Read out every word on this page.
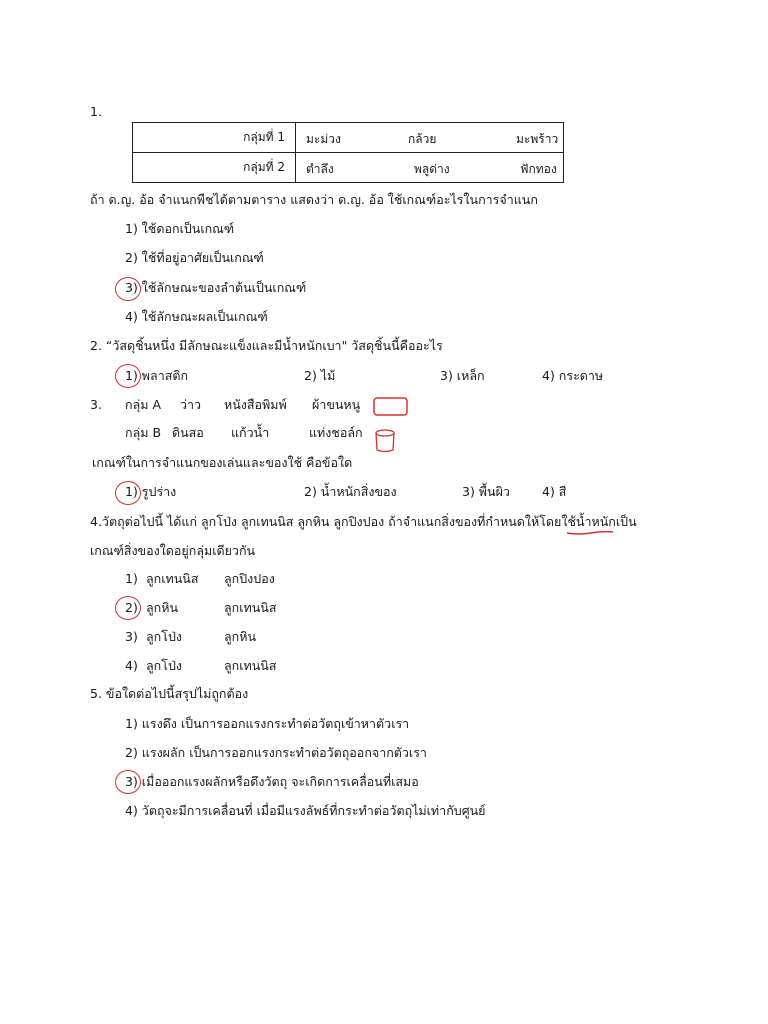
1.
กลุ่มที่ 1	มะม่วง กล้วย มะพร้าว

กลุ่มที่ 2	ตำลึง พลูด่าง ฟักทอง
ถ้า ด.ญ. อ้อ จำแนกพืชได้ตามตาราง แสดงว่า ด.ญ. อ้อ ใช้เกณฑ์อะไรในการจำแนก
1) ใช้ดอกเป็นเกณฑ์
2) ใช้ที่อยู่อาศัยเป็นเกณฑ์
3) ใช้ลักษณะของลำต้นเป็นเกณฑ์
4) ใช้ลักษณะผลเป็นเกณฑ์
2. “วัสดุชิ้นหนึ่ง มีลักษณะแข็งและมีน้ำหนักเบา" วัสดุชิ้นนี้คืออะไร
1) พลาสติก	2) ไม้	3) เหล็ก	4) กระดาษ
3. กลุ่ม A ว่าว หนังสือพิมพ์ ผ้าขนหนู
กลุ่ม B ดินสอ แก้วน้ำ	แท่งชอล์ก
เกณฑ์ในการจำแนกของเล่นและของใช้ คือข้อใด
1) รูปร่าง	2) น้ำหนักสิ่งของ	3) พื้นผิว	4) สี
4.วัตถุต่อไปนี้ ได้แก่ ลูกโป่ง ลูกเทนนิส ลูกหิน ลูกปิงปอง ถ้าจำแนกสิ่งของที่กำหนดให้โดยใช้น้ำหนักเป็น
เกณฑ์สิ่งของใดอยู่กลุ่มเดียวกัน
1) ลูกเทนนิส ลูกปิงปอง
2) ลูกหิน	ลูกเทนนิส
3) ลูกโป่ง	ลูกหิน
4) ลูกโป่ง	ลูกเทนนิส
5. ข้อใดต่อไปนี้สรุปไม่ถูกต้อง
1) แรงดึง เป็นการออกแรงกระทำต่อวัตถุเข้าหาตัวเรา
2) แรงผลัก เป็นการออกแรงกระทำต่อวัตถุออกจากตัวเรา
3) เมื่อออกแรงผลักหรือดึงวัตถุ จะเกิดการเคลื่อนที่เสมอ
4) วัตถุจะมีการเคลื่อนที่ เมื่อมีแรงลัพธ์ที่กระทำต่อวัตถุไม่เท่ากับศูนย์
